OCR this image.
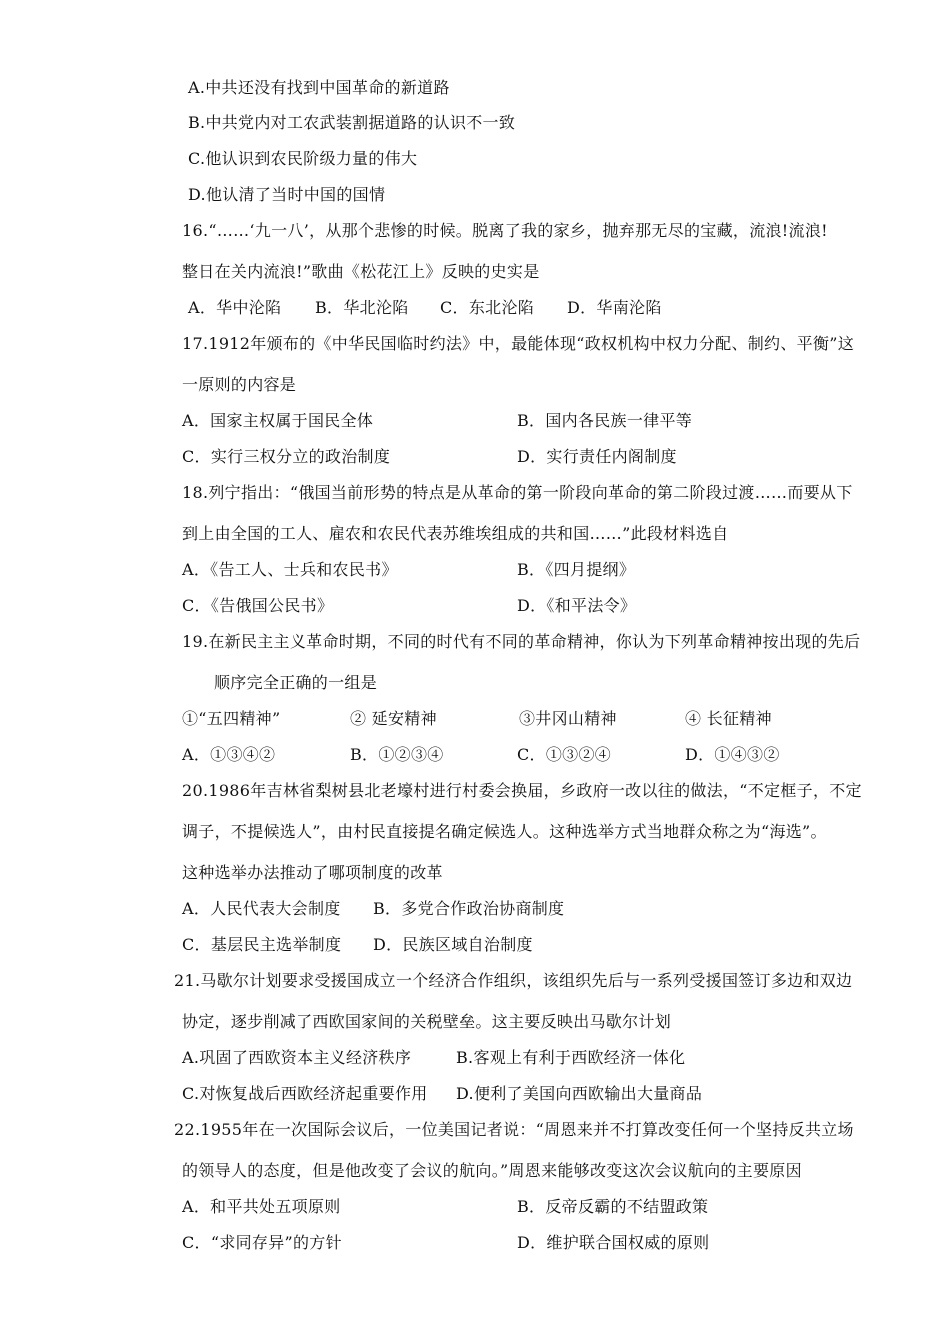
A.中共还没有找到中国革命的新道路
B.中共党内对工农武装割据道路的认识不一致
C.他认识到农民阶级力量的伟大
D.他认清了当时中国的国情
16.“……‘九一八’，从那个悲惨的时候。脱离了我的家乡，抛弃那无尽的宝藏，流浪!流浪!
整日在关内流浪!”歌曲《松花江上》反映的史实是
A．华中沦陷 B．华北沦陷 C．东北沦陷 D．华南沦陷
17.1912年颁布的《中华民国临时约法》中，最能体现“政权机构中权力分配、制约、平衡”这
一原则的内容是
A．国家主权属于国民全体	B．国内各民族一律平等
C．实行三权分立的政治制度	D．实行责任内阁制度
18.列宁指出：“俄国当前形势的特点是从革命的第一阶段向革命的第二阶段过渡……而要从下
到上由全国的工人、雇农和农民代表苏维埃组成的共和国……”此段材料选自
A．《告工人、士兵和农民书》	B．《四月提纲》
C．《告俄国公民书》	D．《和平法令》
19.在新民主主义革命时期，不同的时代有不同的革命精神，你认为下列革命精神按出现的先后
顺序完全正确的一组是
①“五四精神”	② 延安精神	③井冈山精神	④ 长征精神
A．①③④②	B．①②③④	C．①③②④	D．①④③②
20.1986年吉林省梨树县北老壕村进行村委会换届，乡政府一改以往的做法，“不定框子，不定
调子，不提候选人”，由村民直接提名确定候选人。这种选举方式当地群众称之为“海选”。
这种选举办法推动了哪项制度的改革
A．人民代表大会制度 B．多党合作政治协商制度
C．基层民主选举制度 D．民族区域自治制度
21.马歇尔计划要求受援国成立一个经济合作组织，该组织先后与一系列受援国签订多边和双边
协定，逐步削减了西欧国家间的关税壁垒。这主要反映出马歇尔计划
A.巩固了西欧资本主义经济秩序	B.客观上有利于西欧经济一体化
C.对恢复战后西欧经济起重要作用 D.便利了美国向西欧输出大量商品
22.1955年在一次国际会议后，一位美国记者说：“周恩来并不打算改变任何一个坚持反共立场
的领导人的态度，但是他改变了会议的航向。”周恩来能够改变这次会议航向的主要原因
A．和平共处五项原则	B．反帝反霸的不结盟政策
C．“求同存异”的方针	D．维护联合国权威的原则
